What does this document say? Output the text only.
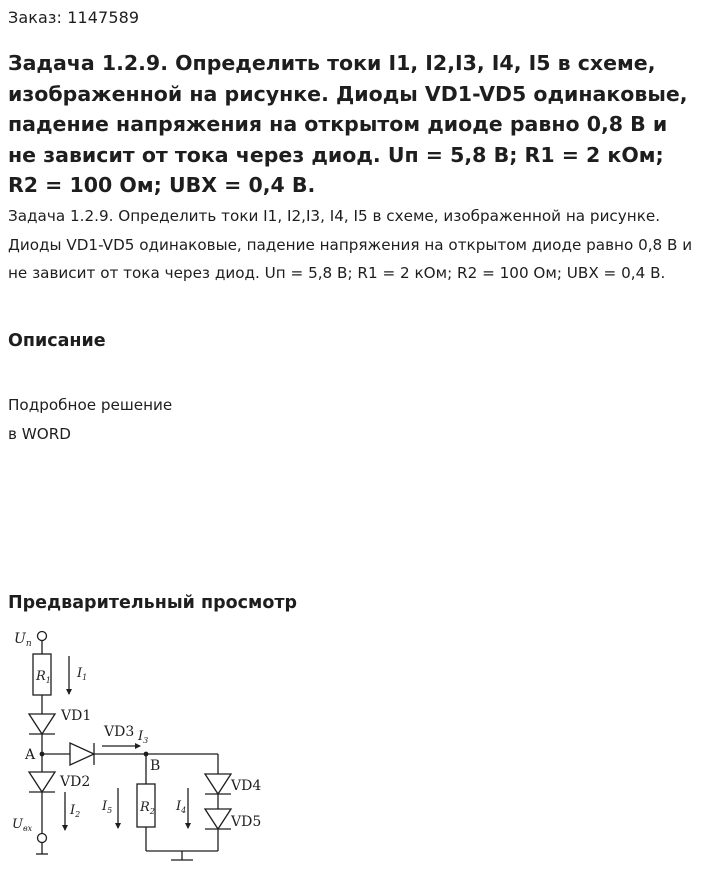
Заказ: 1147589
Задача 1.2.9. Определить токи I1, I2,I3, I4, I5 в схеме, изображенной на рисунке. Диоды VD1-VD5 одинаковые, падение напряжения на открытом диоде равно 0,8 В и не зависит от тока через диод. Uп = 5,8 В; R1 = 2 кОм; R2 = 100 Ом; UВХ = 0,4 В.

Задача 1.2.9. Определить токи I1, I2,I3, I4, I5 в схеме, изображенной на рисунке. Диоды VD1-VD5 одинаковые, падение напряжения на открытом диоде равно 0,8 В и не зависит от тока через диод. Uп = 5,8 В; R1 = 2 кОм; R2 = 100 Ом; UВХ = 0,4 В.

Описание
Подробное решение
в WORD
Предварительный просмотр
$U_п$
$R_1$ $I_1$
VD1
VD3 $I_3$
A
B
VD2	VD4
VD5
$I_2$
$I_5$ $R_2$ $I_4$
$U_{вх}$
